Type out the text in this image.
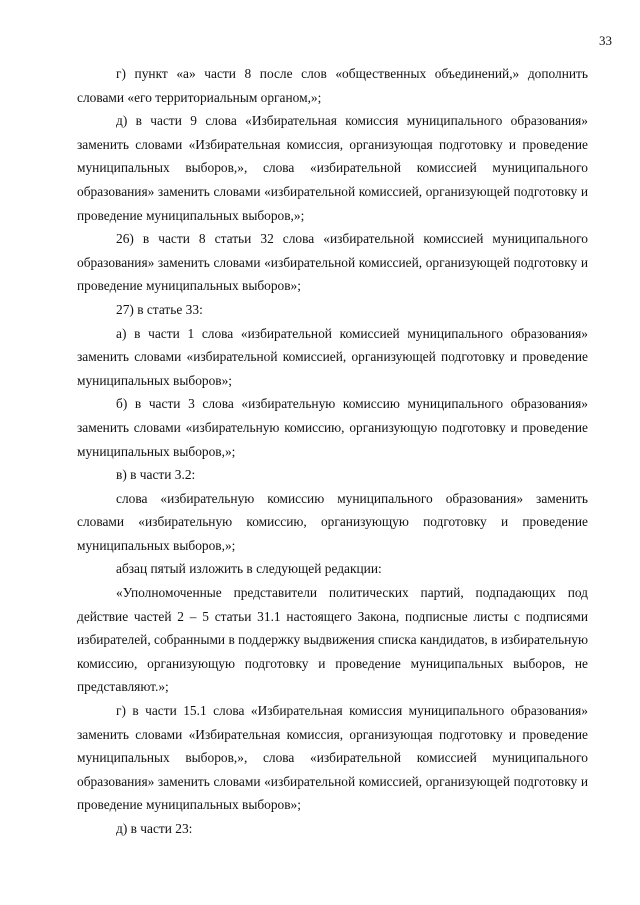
33

г) пункт «а» части 8 после слов «общественных объединений,» дополнить словами «его территориальным органом,»;

д) в части 9 слова «Избирательная комиссия муниципального образования» заменить словами «Избирательная комиссия, организующая подготовку и проведение муниципальных выборов,», слова «избирательной комиссией муниципального образования» заменить словами «избирательной комиссией, организующей подготовку и проведение муниципальных выборов,»;

26) в части 8 статьи 32 слова «избирательной комиссией муниципального образования» заменить словами «избирательной комиссией, организующей подготовку и проведение муниципальных выборов»;

27) в статье 33:

а) в части 1 слова «избирательной комиссией муниципального образования» заменить словами «избирательной комиссией, организующей подготовку и проведение муниципальных выборов»;

б) в части 3 слова «избирательную комиссию муниципального образования» заменить словами «избирательную комиссию, организующую подготовку и проведение муниципальных выборов,»;

в) в части 3.2:

слова «избирательную комиссию муниципального образования» заменить словами «избирательную комиссию, организующую подготовку и проведение муниципальных выборов,»;

абзац пятый изложить в следующей редакции:

«Уполномоченные представители политических партий, подпадающих под действие частей 2 – 5 статьи 31.1 настоящего Закона, подписные листы с подписями избирателей, собранными в поддержку выдвижения списка кандидатов, в избирательную комиссию, организующую подготовку и проведение муниципальных выборов, не представляют.»;

г) в части 15.1 слова «Избирательная комиссия муниципального образования» заменить словами «Избирательная комиссия, организующая подготовку и проведение муниципальных выборов,», слова «избирательной комиссией муниципального образования» заменить словами «избирательной комиссией, организующей подготовку и проведение муниципальных выборов»;

д) в части 23:
